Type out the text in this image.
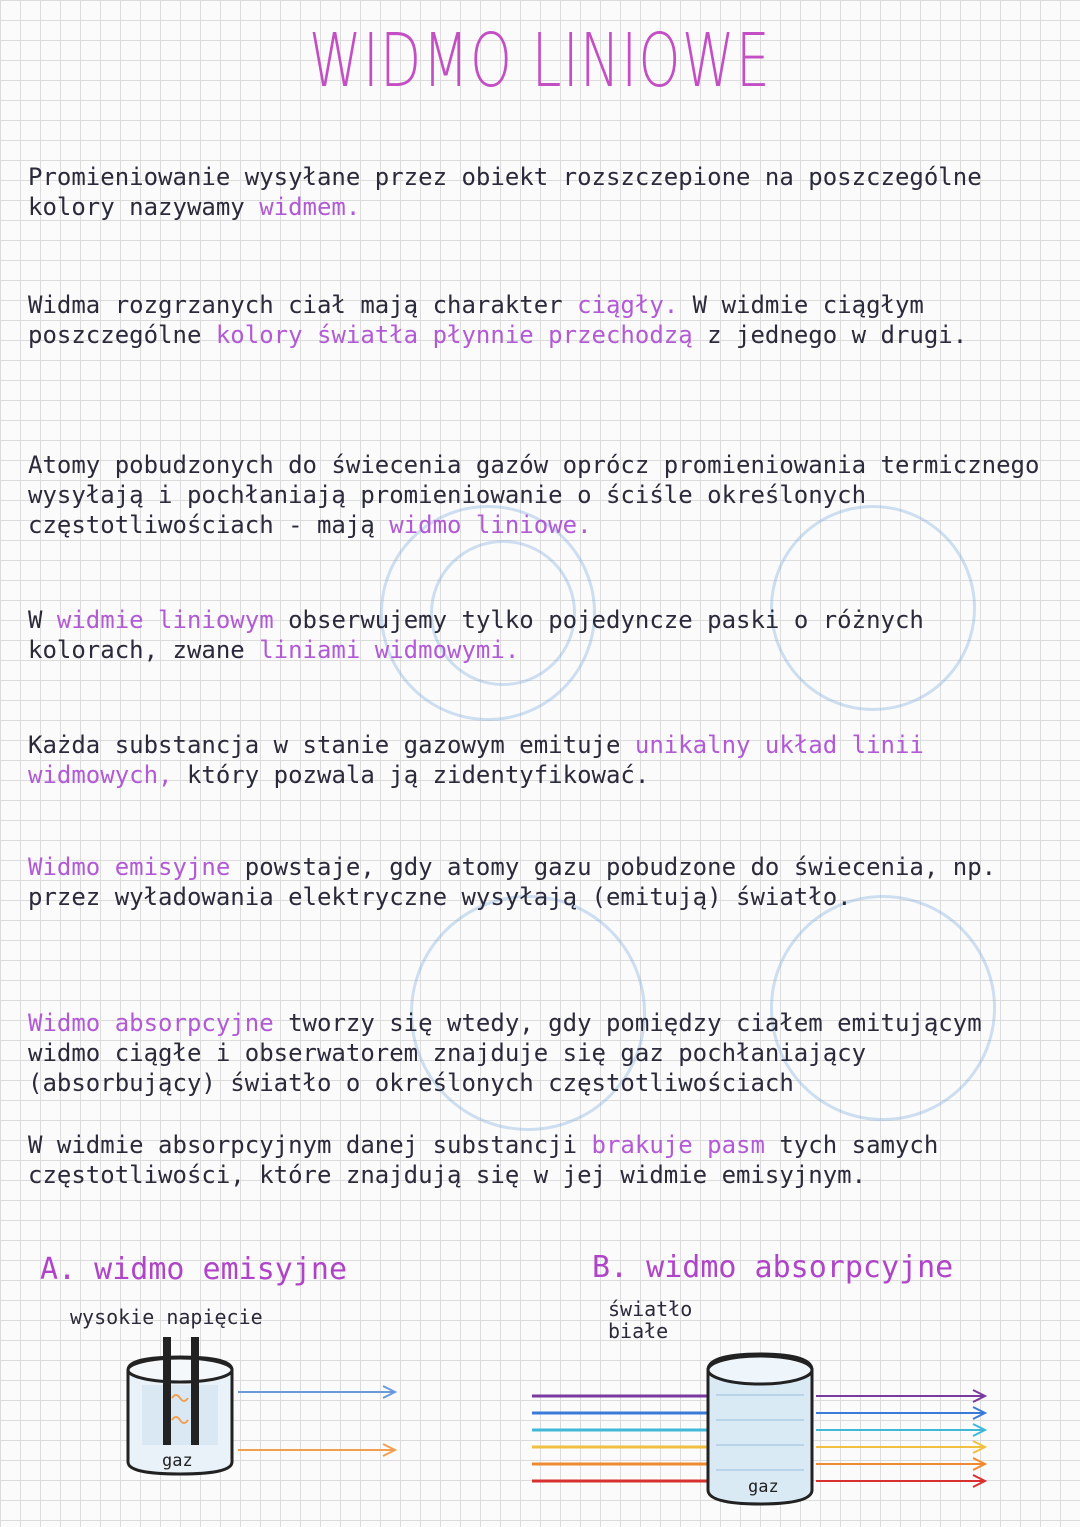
WIDMO LINIOWE
Promieniowanie wysyłane przez obiekt rozszczepione na poszczególne kolory nazywamy widmem.
Widma rozgrzanych ciał mają charakter ciągły. W widmie ciągłym poszczególne kolory światła płynnie przechodzą z jednego w drugi.
Atomy pobudzonych do świecenia gazów oprócz promieniowania termicznego wysyłają i pochłaniają promieniowanie o ściśle określonych częstotliwościach - mają widmo liniowe.
W widmie liniowym obserwujemy tylko pojedyncze paski o różnych kolorach, zwane liniami widmowymi.
Każda substancja w stanie gazowym emituje unikalny układ linii widmowych, który pozwala ją zidentyfikować.
Widmo emisyjne powstaje, gdy atomy gazu pobudzone do świecenia, np. przez wyładowania elektryczne wysyłają (emitują) światło.
Widmo absorpcyjne tworzy się wtedy, gdy pomiędzy ciałem emitującym widmo ciągłe i obserwatorem znajduje się gaz pochłaniający (absorbujący) światło o określonych częstotliwościach
W widmie absorpcyjnym danej substancji brakuje pasm tych samych częstotliwości, które znajdują się w jej widmie emisyjnym.
A. widmo emisyjne
wysokie napięcie
B. widmo absorpcyjne
światło białe
gaz
gaz
